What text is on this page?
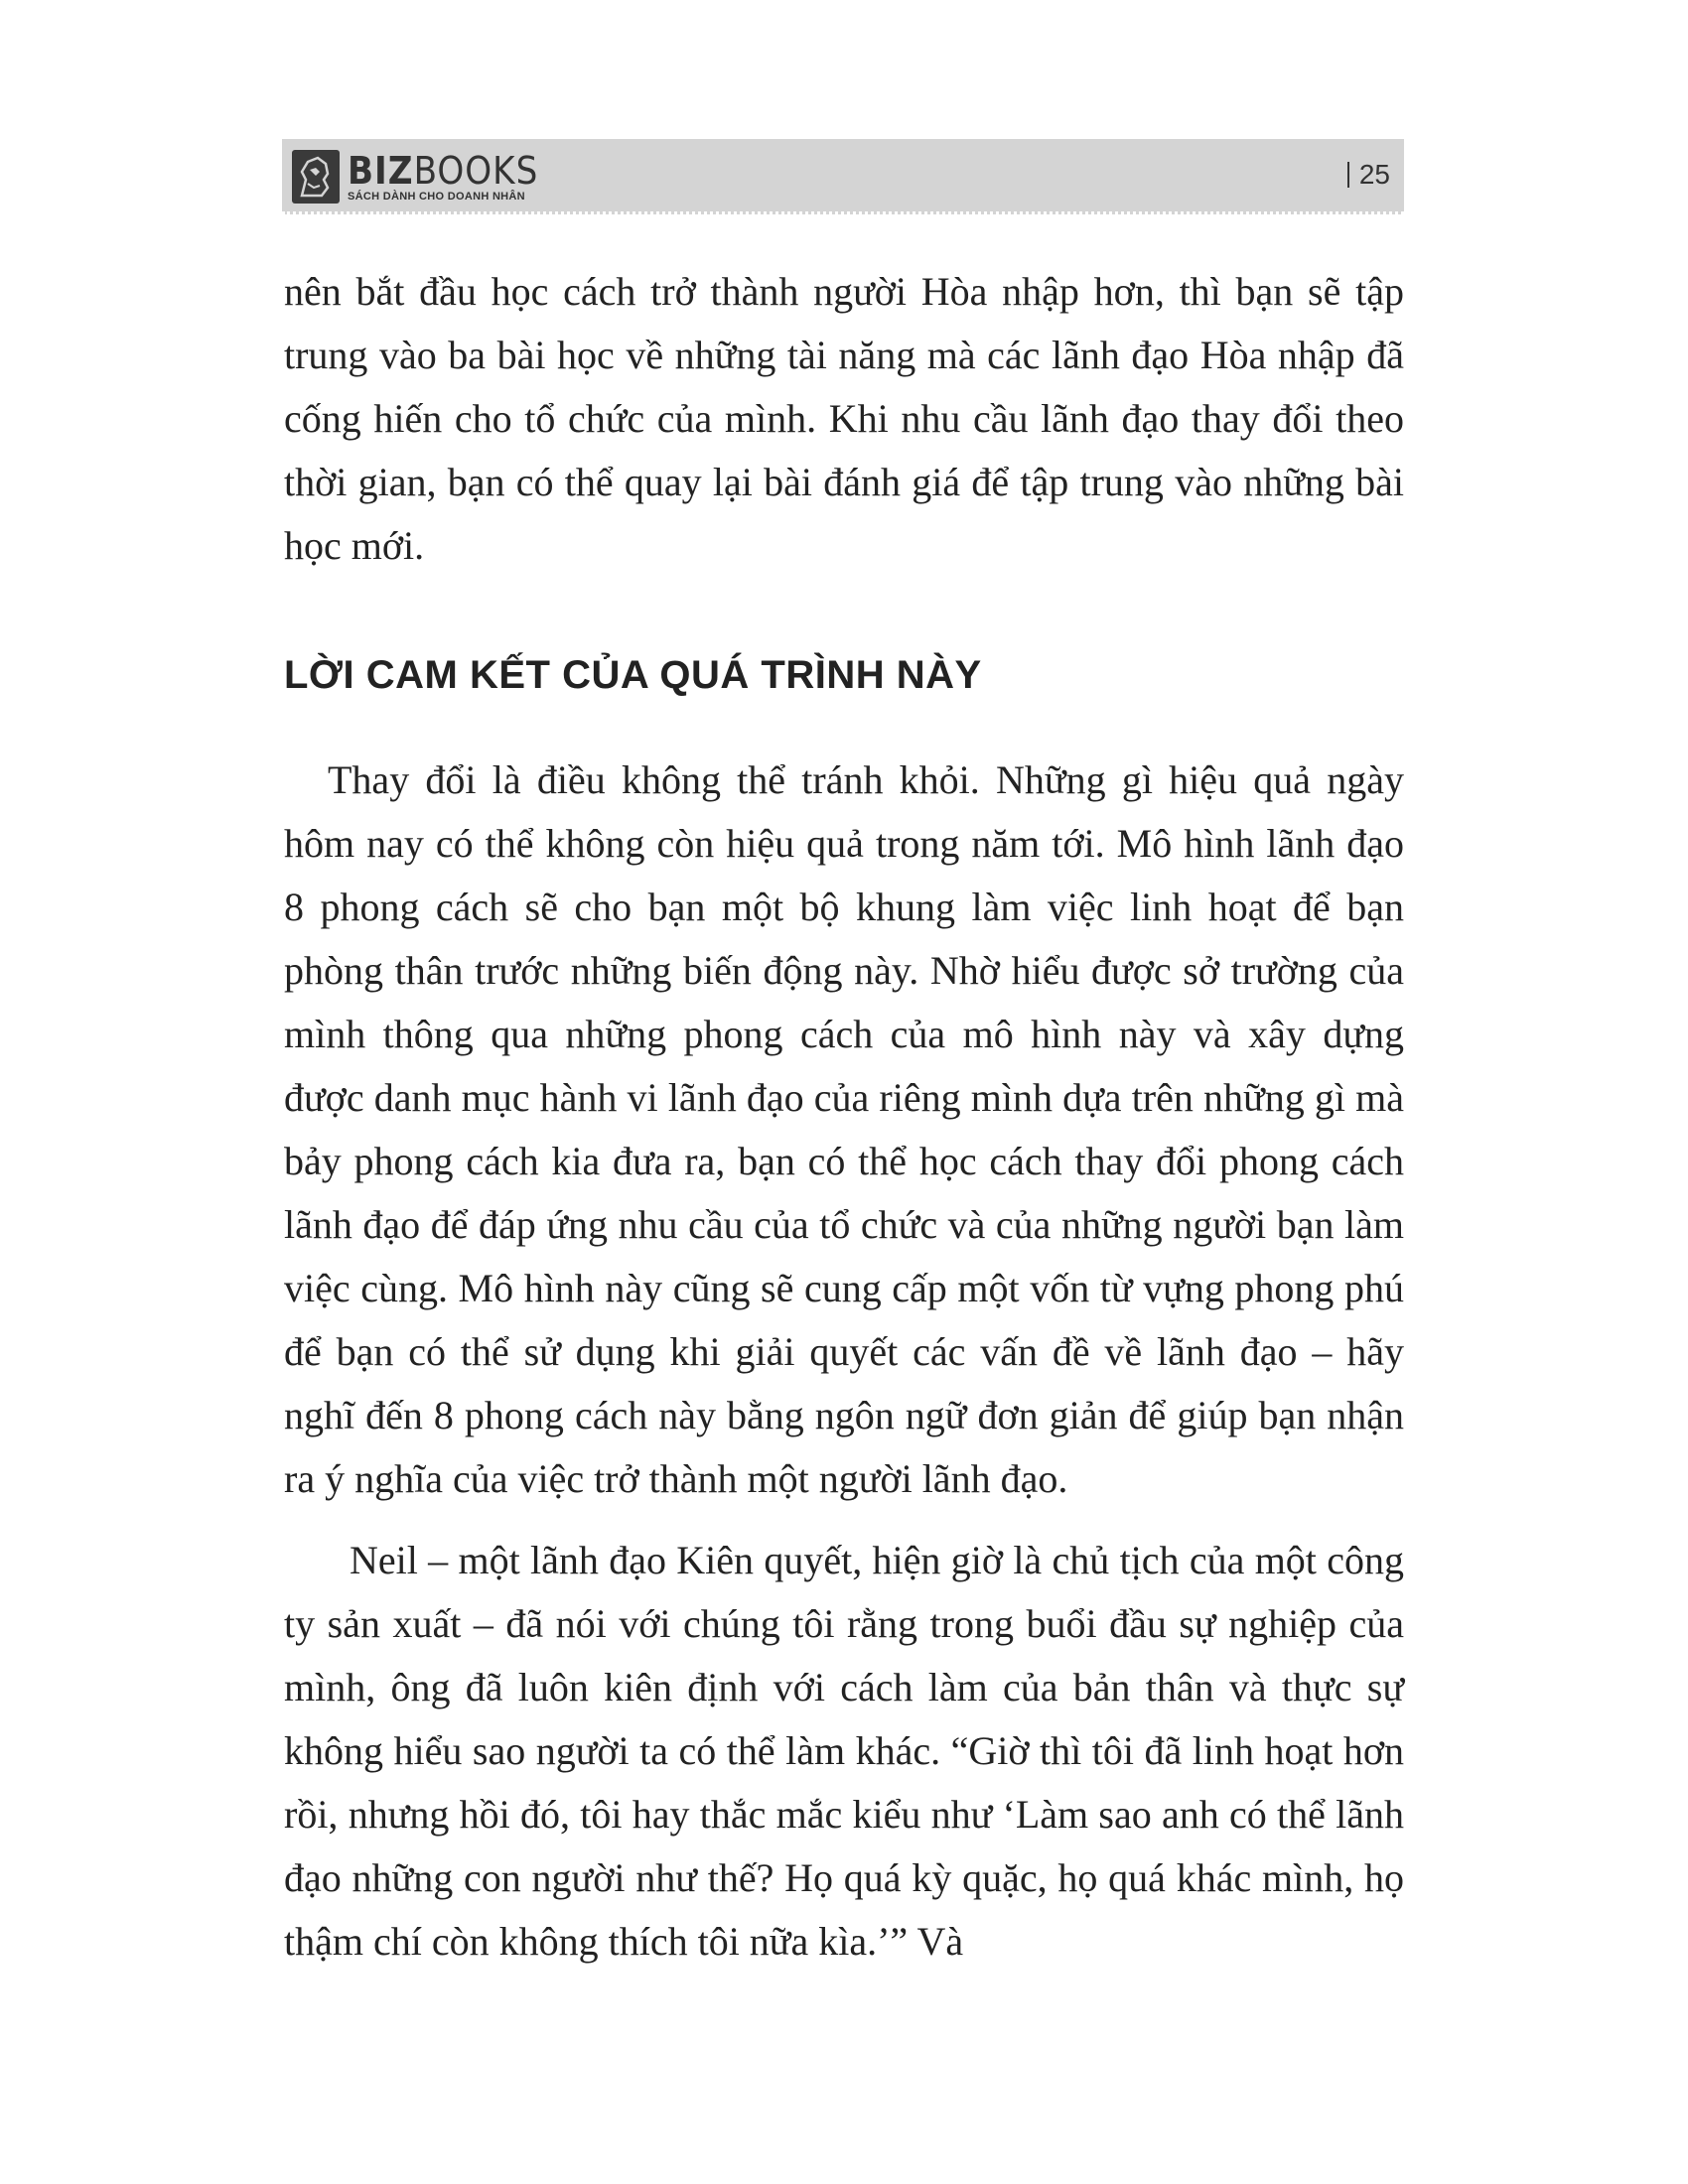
BIZBOOKS
SÁCH DÀNH CHO DOANH NHÂN
25

nên bắt đầu học cách trở thành người Hòa nhập hơn, thì bạn sẽ tập trung vào ba bài học về những tài năng mà các lãnh đạo Hòa nhập đã cống hiến cho tổ chức của mình. Khi nhu cầu lãnh đạo thay đổi theo thời gian, bạn có thể quay lại bài đánh giá để tập trung vào những bài học mới.

LỜI CAM KẾT CỦA QUÁ TRÌNH NÀY

Thay đổi là điều không thể tránh khỏi. Những gì hiệu quả ngày hôm nay có thể không còn hiệu quả trong năm tới. Mô hình lãnh đạo 8 phong cách sẽ cho bạn một bộ khung làm việc linh hoạt để bạn phòng thân trước những biến động này. Nhờ hiểu được sở trường của mình thông qua những phong cách của mô hình này và xây dựng được danh mục hành vi lãnh đạo của riêng mình dựa trên những gì mà bảy phong cách kia đưa ra, bạn có thể học cách thay đổi phong cách lãnh đạo để đáp ứng nhu cầu của tổ chức và của những người bạn làm việc cùng. Mô hình này cũng sẽ cung cấp một vốn từ vựng phong phú để bạn có thể sử dụng khi giải quyết các vấn đề về lãnh đạo – hãy nghĩ đến 8 phong cách này bằng ngôn ngữ đơn giản để giúp bạn nhận ra ý nghĩa của việc trở thành một người lãnh đạo.

Neil – một lãnh đạo Kiên quyết, hiện giờ là chủ tịch của một công ty sản xuất – đã nói với chúng tôi rằng trong buổi đầu sự nghiệp của mình, ông đã luôn kiên định với cách làm của bản thân và thực sự không hiểu sao người ta có thể làm khác. “Giờ thì tôi đã linh hoạt hơn rồi, nhưng hồi đó, tôi hay thắc mắc kiểu như ‘Làm sao anh có thể lãnh đạo những con người như thế? Họ quá kỳ quặc, họ quá khác mình, họ thậm chí còn không thích tôi nữa kìa.’” Và
